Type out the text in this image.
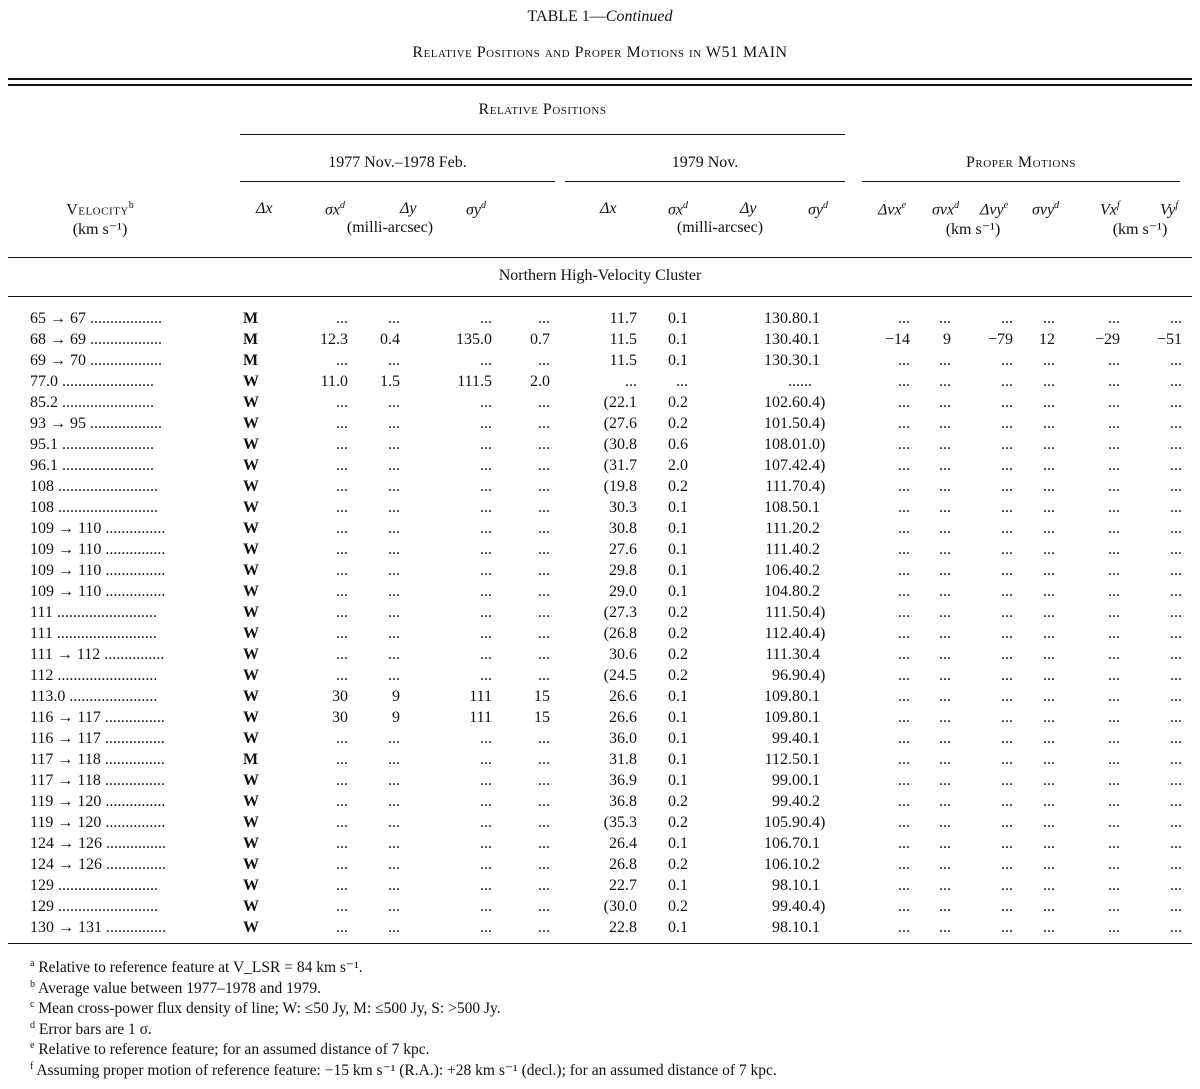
TABLE 1—Continued
Relative Positions and Proper Motions in W51 MAIN
Relative Positions
1977 Nov.–1978 Feb.	1979 Nov.	Proper Motions
Velocity$^b$
(km s⁻¹)
Δx	$\sigma x^d$	Δy	$\sigma y^d$
(milli-arcsec)
Δx	$\sigma x^d$	Δy	$\sigma y^d$
(milli-arcsec)
Δvx$^e$ σvx$^d$ Δvy$^e$ σvy$^d$
(km s⁻¹)
Vx$^f$	Vy$^f$
(km s⁻¹)
Northern High-Velocity Cluster
65 → 67 ..................	M	...	...	...	...	11.7	0.1	130.8 0.1	...	...	...	...	...	...
68 → 69 ..................	M	12.3	0.4	135.0	0.7	11.5	0.1	130.4 0.1	−14	9	−79	12	−29	−51
69 → 70 ..................	M	...	...	...	...	11.5	0.1	130.3 0.1	...	...	...	...	...	...
77.0 .......................	W	11.0	1.5	111.5	2.0	...	...	... ...	...	...	...	...	...	...
85.2 .......................	W	...	...	...	...	(22.1	0.2	102.6 0.4)	...	...	...	...	...	...
93 → 95 ..................	W	...	...	...	...	(27.6	0.2	101.5 0.4)	...	...	...	...	...	...
95.1 .......................	W	...	...	...	...	(30.8	0.6	108.0 1.0)	...	...	...	...	...	...
96.1 .......................	W	...	...	...	...	(31.7	2.0	107.4 2.4)	...	...	...	...	...	...
108 .........................	W	...	...	...	...	(19.8	0.2	111.7 0.4)	...	...	...	...	...	...
108 .........................	W	...	...	...	...	30.3	0.1	108.5 0.1	...	...	...	...	...	...
109 → 110 ...............	W	...	...	...	...	30.8	0.1	111.2 0.2	...	...	...	...	...	...
109 → 110 ...............	W	...	...	...	...	27.6	0.1	111.4 0.2	...	...	...	...	...	...
109 → 110 ...............	W	...	...	...	...	29.8	0.1	106.4 0.2	...	...	...	...	...	...
109 → 110 ...............	W	...	...	...	...	29.0	0.1	104.8 0.2	...	...	...	...	...	...
111 .........................	W	...	...	...	...	(27.3	0.2	111.5 0.4)	...	...	...	...	...	...
111 .........................	W	...	...	...	...	(26.8	0.2	112.4 0.4)	...	...	...	...	...	...
111 → 112 ...............	W	...	...	...	...	30.6	0.2	111.3 0.4	...	...	...	...	...	...
112 .........................	W	...	...	...	...	(24.5	0.2	96.9 0.4)	...	...	...	...	...	...
113.0 ......................	W	30	9	111	15	26.6	0.1	109.8 0.1	...	...	...	...	...	...
116 → 117 ...............	W	30	9	111	15	26.6	0.1	109.8 0.1	...	...	...	...	...	...
116 → 117 ...............	W	...	...	...	...	36.0	0.1	99.4 0.1	...	...	...	...	...	...
117 → 118 ...............	M	...	...	...	...	31.8	0.1	112.5 0.1	...	...	...	...	...	...
117 → 118 ...............	W	...	...	...	...	36.9	0.1	99.0 0.1	...	...	...	...	...	...
119 → 120 ...............	W	...	...	...	...	36.8	0.2	99.4 0.2	...	...	...	...	...	...
119 → 120 ...............	W	...	...	...	...	(35.3	0.2	105.9 0.4)	...	...	...	...	...	...
124 → 126 ...............	W	...	...	...	...	26.4	0.1	106.7 0.1	...	...	...	...	...	...
124 → 126 ...............	W	...	...	...	...	26.8	0.2	106.1 0.2	...	...	...	...	...	...
129 .........................	W	...	...	...	...	22.7	0.1	98.1 0.1	...	...	...	...	...	...
129 .........................	W	...	...	...	...	(30.0	0.2	99.4 0.4)	...	...	...	...	...	...
130 → 131 ...............	W	...	...	...	...	22.8	0.1	98.1 0.1	...	...	...	...	...	...
$^a$ Relative to reference feature at V_LSR = 84 km s⁻¹.
$^b$ Average value between 1977–1978 and 1979.
$^c$ Mean cross-power flux density of line; W: ≤50 Jy, M: ≤500 Jy, S: >500 Jy.
$^d$ Error bars are 1 σ.
$^e$ Relative to reference feature; for an assumed distance of 7 kpc.
$^f$ Assuming proper motion of reference feature: −15 km s⁻¹ (R.A.): +28 km s⁻¹ (decl.); for an assumed distance of 7 kpc.
